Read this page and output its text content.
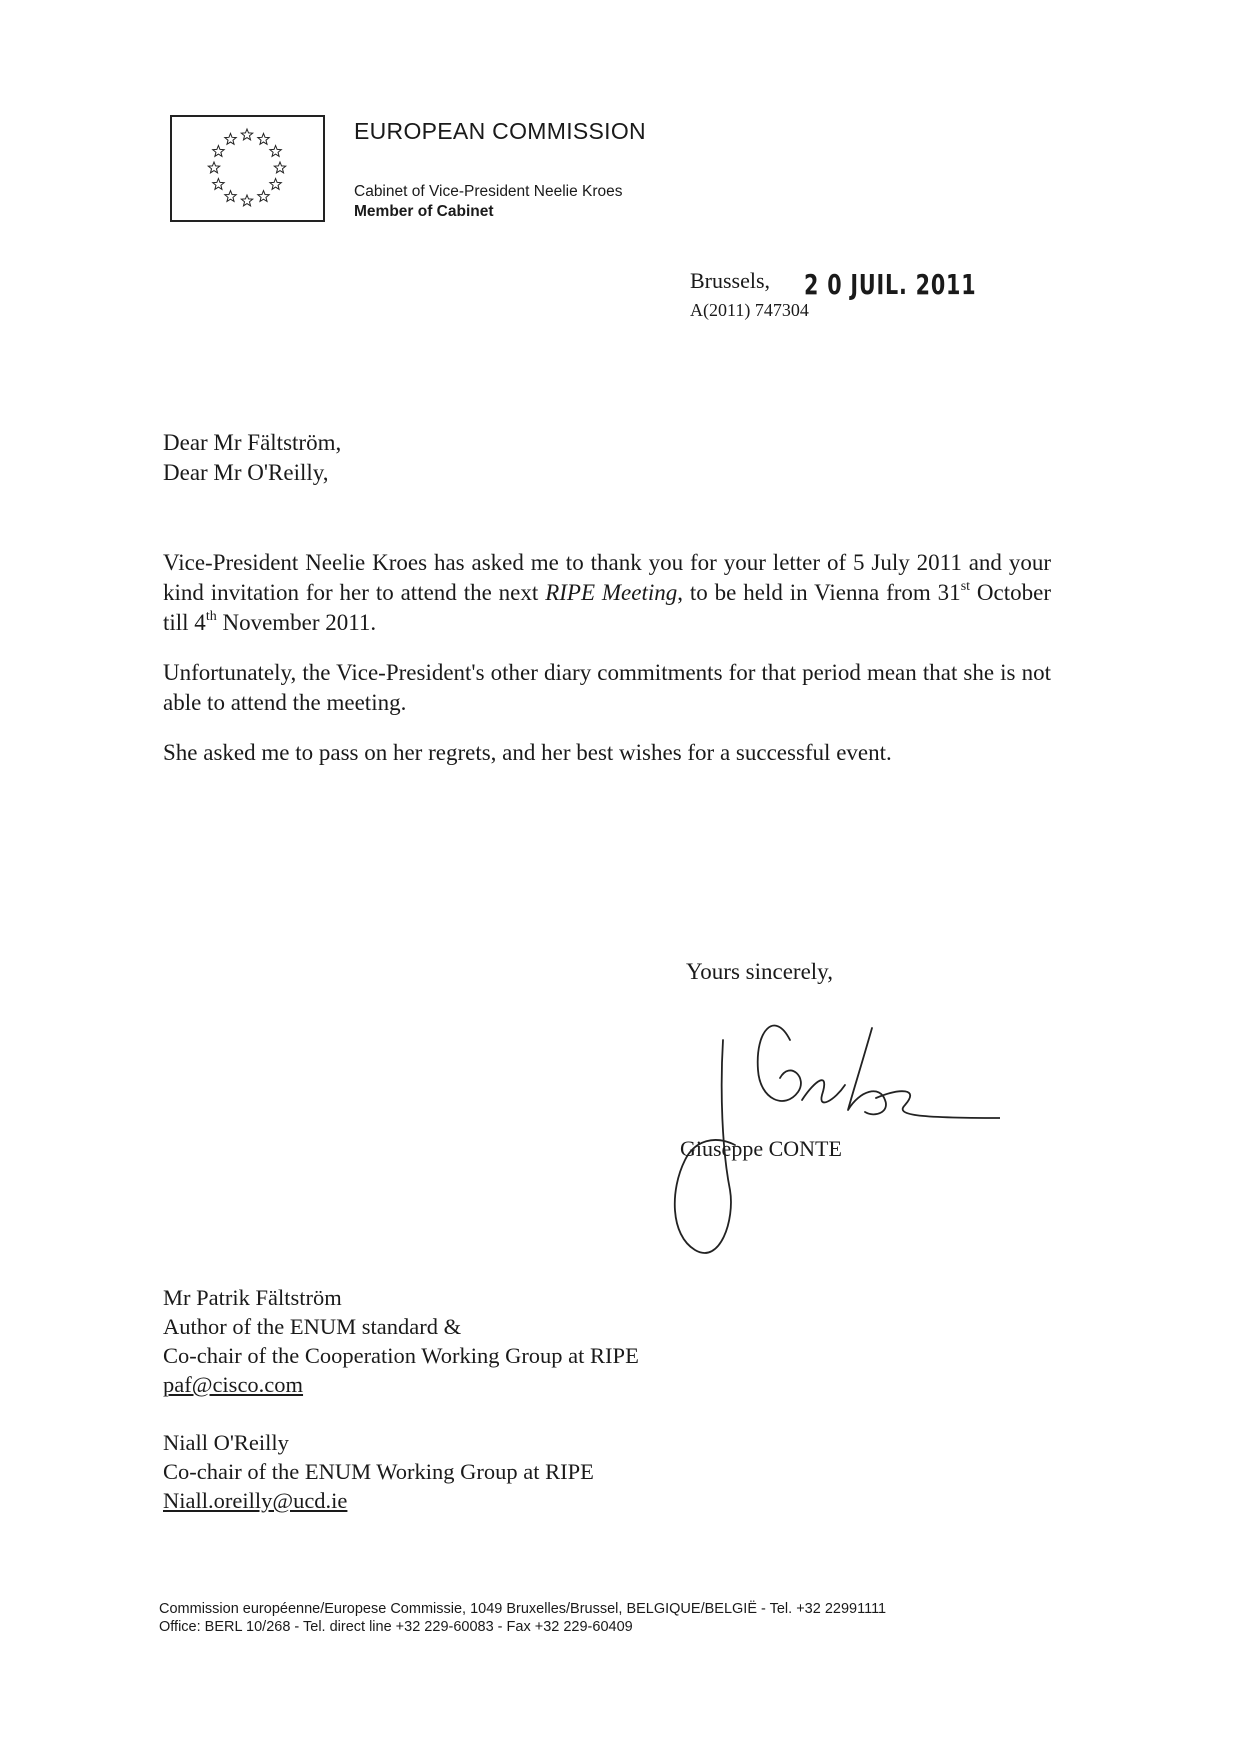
EUROPEAN COMMISSION
Cabinet of Vice-President Neelie Kroes
Member of Cabinet
Brussels, 2 0 JUIL. 2011
A(2011) 747304
Dear Mr Fältström,
Dear Mr O'Reilly,
Vice-President Neelie Kroes has asked me to thank you for your letter of 5 July 2011 and your kind invitation for her to attend the next RIPE Meeting, to be held in Vienna from 31st October till 4th November 2011.
Unfortunately, the Vice-President's other diary commitments for that period mean that she is not able to attend the meeting.
She asked me to pass on her regrets, and her best wishes for a successful event.
Yours sincerely,
Giuseppe CONTE
Mr Patrik Fältström
Author of the ENUM standard &
Co-chair of the Cooperation Working Group at RIPE
paf@cisco.com
Niall O'Reilly
Co-chair of the ENUM Working Group at RIPE
Niall.oreilly@ucd.ie
Commission européenne/Europese Commissie, 1049 Bruxelles/Brussel, BELGIQUE/BELGIË - Tel. +32 22991111
Office: BERL 10/268 - Tel. direct line +32 229-60083 - Fax +32 229-60409
